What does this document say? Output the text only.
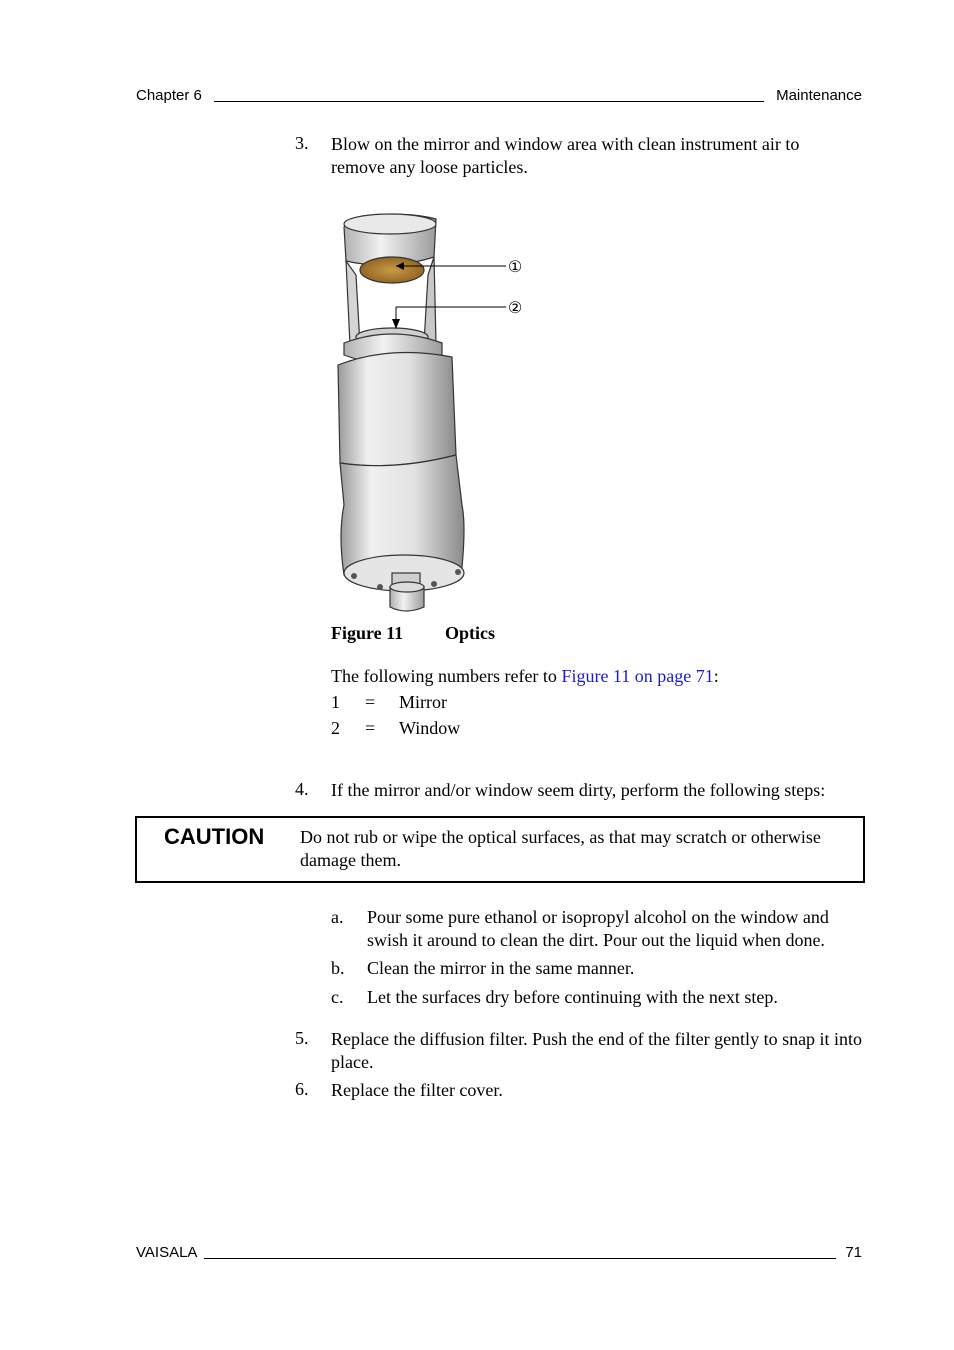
Chapter 6	Maintenance
3. Blow on the mirror and window area with clean instrument air to remove any loose particles.
①
②
Figure 11 Optics
The following numbers refer to Figure 11 on page 71:
1 = Mirror
2 = Window
4. If the mirror and/or window seem dirty, perform the following steps:
CAUTION Do not rub or wipe the optical surfaces, as that may scratch or otherwise damage them.
a. Pour some pure ethanol or isopropyl alcohol on the window and swish it around to clean the dirt. Pour out the liquid when done.
b. Clean the mirror in the same manner.
c. Let the surfaces dry before continuing with the next step.
5. Replace the diffusion filter. Push the end of the filter gently to snap it into place.
6. Replace the filter cover.
VAISALA	71
